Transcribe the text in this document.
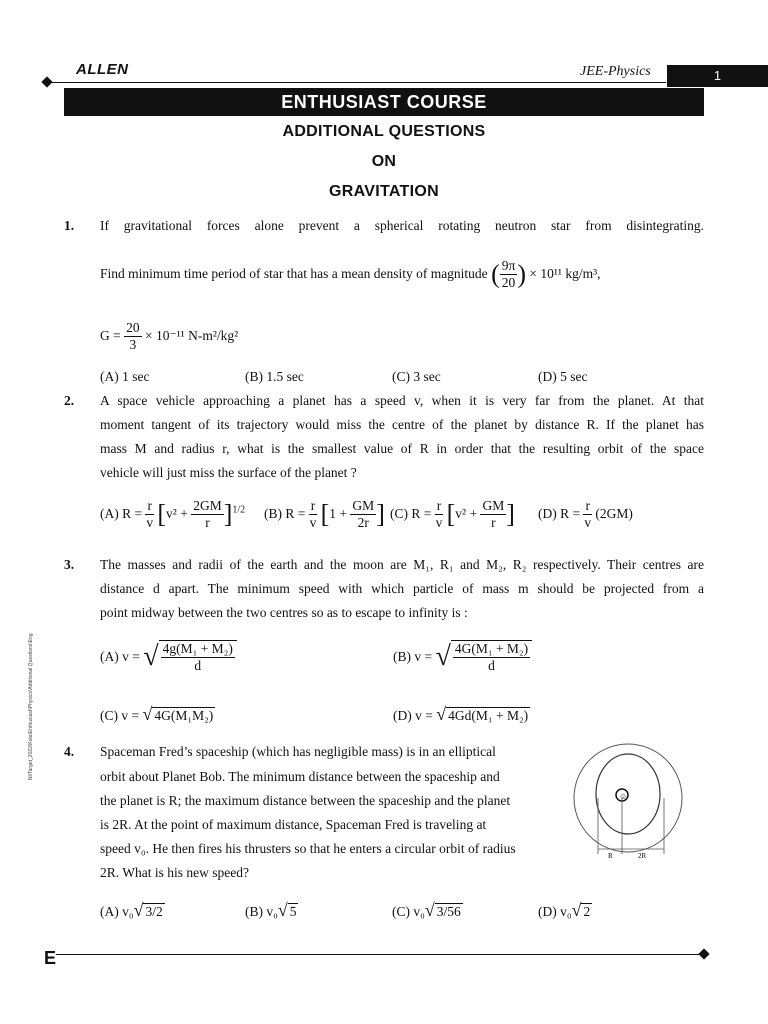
ALLEN	JEE-Physics	1
ENTHUSIAST COURSE
ADDITIONAL QUESTIONS
ON
GRAVITATION
1. If gravitational forces alone prevent a spherical rotating neutron star from disintegrating.
Find minimum time period of star that has a mean density of magnitude ( $\frac{9\pi}{20}$ ) × 10¹¹ kg/m³,
$G = \frac{20}{3} \times 10^{-11}$ N-m²/kg²
(A) 1 sec	(B) 1.5 sec	(C) 3 sec	(D) 5 sec
2. A space vehicle approaching a planet has a speed v, when it is very far from the planet. At that
moment tangent of its trajectory would miss the centre of the planet by distance R. If the planet has
mass M and radius r, what is the smallest value of R in order that the resulting orbit of the space
vehicle will just miss the surface of the planet ?
(A) $R = \frac{r}{v} [v^2 + \frac{2GM}{r} ]^{1/2}$ (B) $R = \frac{r}{v} [1 + \frac{GM}{2r}$ ] (C) $R = \frac{r}{v} [v^2 + \frac{GM}{r}$ ] (D) $R = \frac{r}{v} (2GM)$
3. The masses and radii of the earth and the moon are M₁, R₁ and M₂, R₂ respectively. Their centres are
distance d apart. The minimum speed with which particle of mass m should be projected from a
point midway between the two centres so as to escape to infinity is :
(A) v = √ $\frac{\text{4g(M₁ + M₂)}}{d}$	(B) v = √ $\frac{\text{4G(M₁ + M₂)}}{d}$
(C) v = √ 4G(M₁M₂)	(D) v = √ 4Gd(M₁ + M₂)
4. Spaceman Fred’s spaceship (which has negligible mass) is in an elliptical
orbit about Planet Bob. The minimum distance between the spaceship and
the planet is R; the maximum distance between the spaceship and the planet
is 2R. At the point of maximum distance, Spaceman Fred is traveling at
speed v₀. He then fires his thrusters so that he enters a circular orbit of radius
2R. What is his new speed?
☺
R	2R
(A) v₀√ 3/2	(B) v₀√ 5	(C) v₀√ 3/56	(D) v₀√ 2
Ni\Target_2022\Kota\Enthusiast\Physics\Additional Questions\Eng
E
